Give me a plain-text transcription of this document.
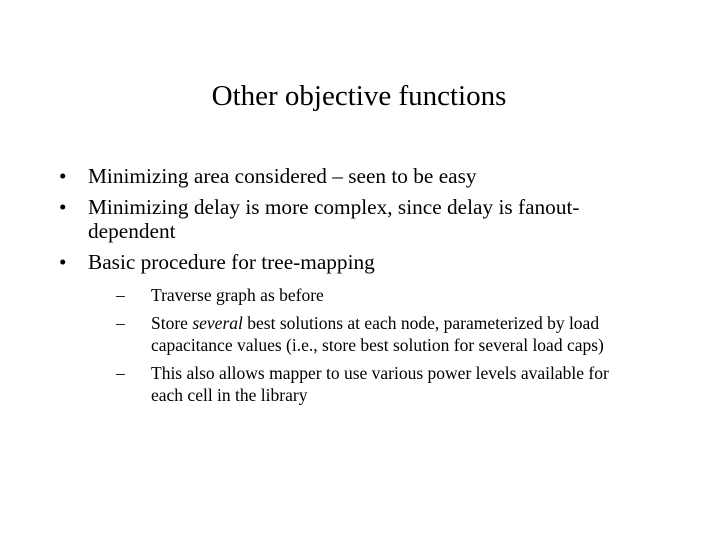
Other objective functions
• Minimizing area considered – seen to be easy
• Minimizing delay is more complex, since delay is fanout-
dependent
• Basic procedure for tree-mapping
– Traverse graph as before
– Store several best solutions at each node, parameterized by load
capacitance values (i.e., store best solution for several load caps)
– This also allows mapper to use various power levels available for
each cell in the library
